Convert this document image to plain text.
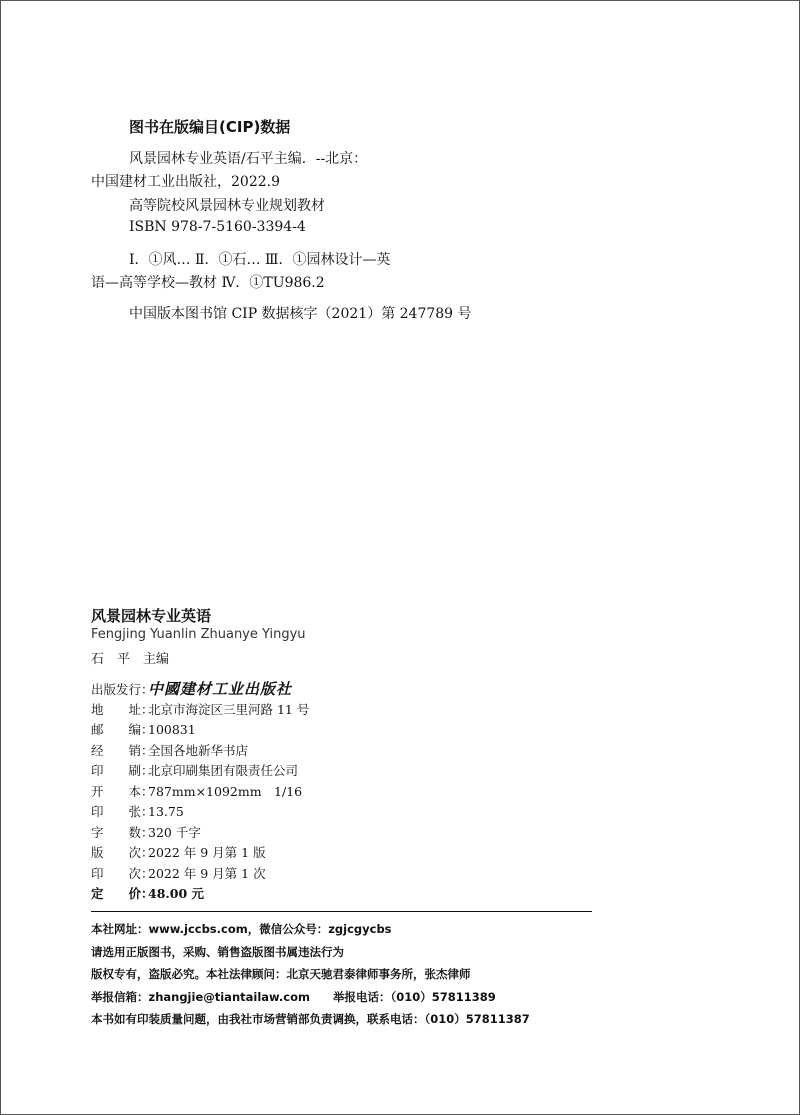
图书在版编目(CIP)数据
风景园林专业英语/石平主编．--北京：
中国建材工业出版社，2022.9
高等院校风景园林专业规划教材
ISBN 978-7-5160-3394-4
Ⅰ．①风… Ⅱ．①石… Ⅲ．①园林设计—英
语—高等学校—教材 Ⅳ．①TU986.2
中国版本图书馆 CIP 数据核字（2021）第 247789 号
风景园林专业英语
Fengjing Yuanlin Zhuanye Yingyu
石　平　主编
出版发行：中國建材工业出版社
地　　址：北京市海淀区三里河路 11 号
邮　　编：100831
经　　销：全国各地新华书店
印　　刷：北京印刷集团有限责任公司
开　　本：787mm×1092mm　1/16
印　　张：13.75
字　　数：320 千字
版　　次：2022 年 9 月第 1 版
印　　次：2022 年 9 月第 1 次
定　　价：48.00 元
本社网址：www.jccbs.com，微信公众号：zgjcgycbs
请选用正版图书，采购、销售盗版图书属违法行为
版权专有，盗版必究。本社法律顾问：北京天驰君泰律师事务所，张杰律师
举报信箱：zhangjie@tiantailaw.com　　举报电话：（010）57811389
本书如有印装质量问题，由我社市场营销部负责调换，联系电话：（010）57811387
